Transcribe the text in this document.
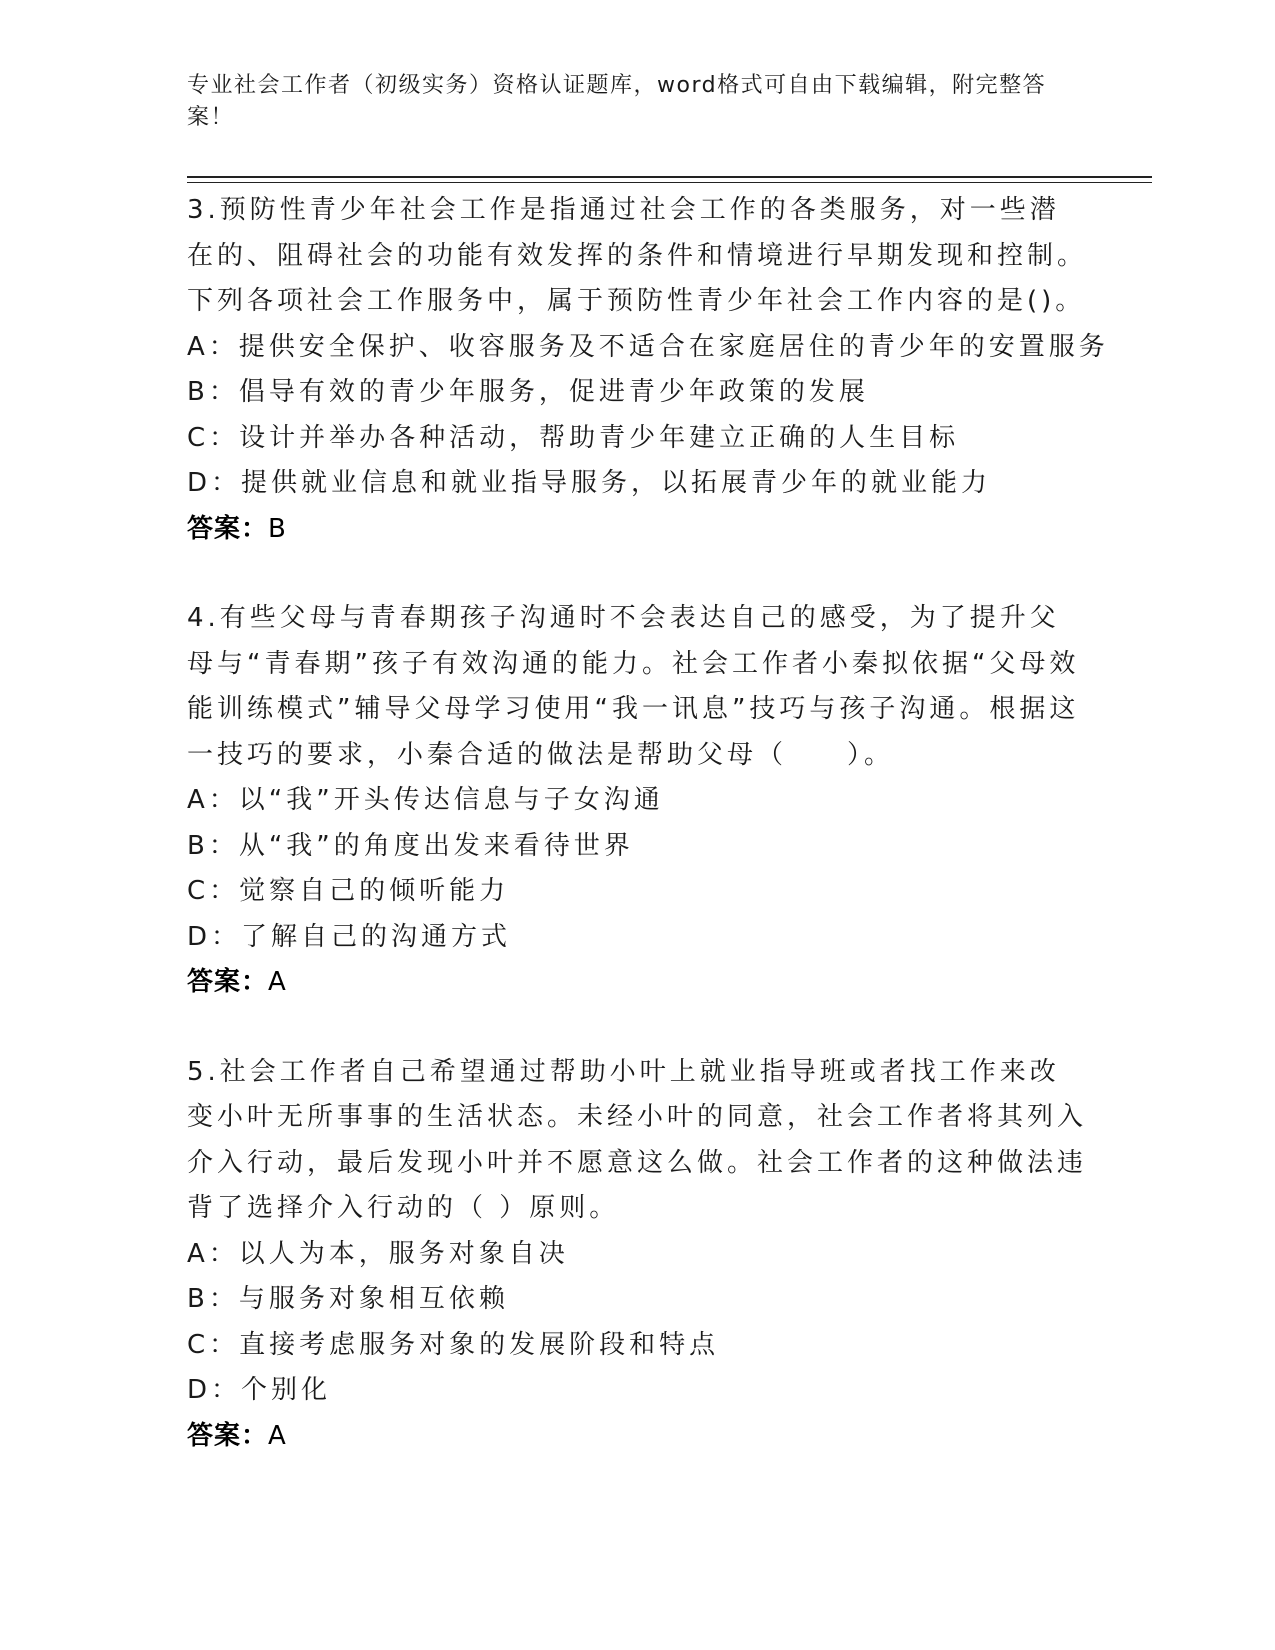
专业社会工作者（初级实务）资格认证题库，word格式可自由下载编辑，附完整答案！

3.预防性青少年社会工作是指通过社会工作的各类服务，对一些潜在的、阻碍社会的功能有效发挥的条件和情境进行早期发现和控制。下列各项社会工作服务中，属于预防性青少年社会工作内容的是()。

A：提供安全保护、收容服务及不适合在家庭居住的青少年的安置服务

B：倡导有效的青少年服务，促进青少年政策的发展

C：设计并举办各种活动，帮助青少年建立正确的人生目标

D：提供就业信息和就业指导服务，以拓展青少年的就业能力

答案：B

4.有些父母与青春期孩子沟通时不会表达自己的感受，为了提升父母与“青春期”孩子有效沟通的能力。社会工作者小秦拟依据“父母效能训练模式”辅导父母学习使用“我一讯息”技巧与孩子沟通。根据这一技巧的要求，小秦合适的做法是帮助父母（　　）。

A：以“我”开头传达信息与子女沟通

B：从“我”的角度出发来看待世界

C：觉察自己的倾听能力

D：了解自己的沟通方式

答案：A

5.社会工作者自己希望通过帮助小叶上就业指导班或者找工作来改变小叶无所事事的生活状态。未经小叶的同意，社会工作者将其列入介入行动，最后发现小叶并不愿意这么做。社会工作者的这种做法违背了选择介入行动的（ ）原则。

A：以人为本，服务对象自决

B：与服务对象相互依赖

C：直接考虑服务对象的发展阶段和特点

D：个别化

答案：A
